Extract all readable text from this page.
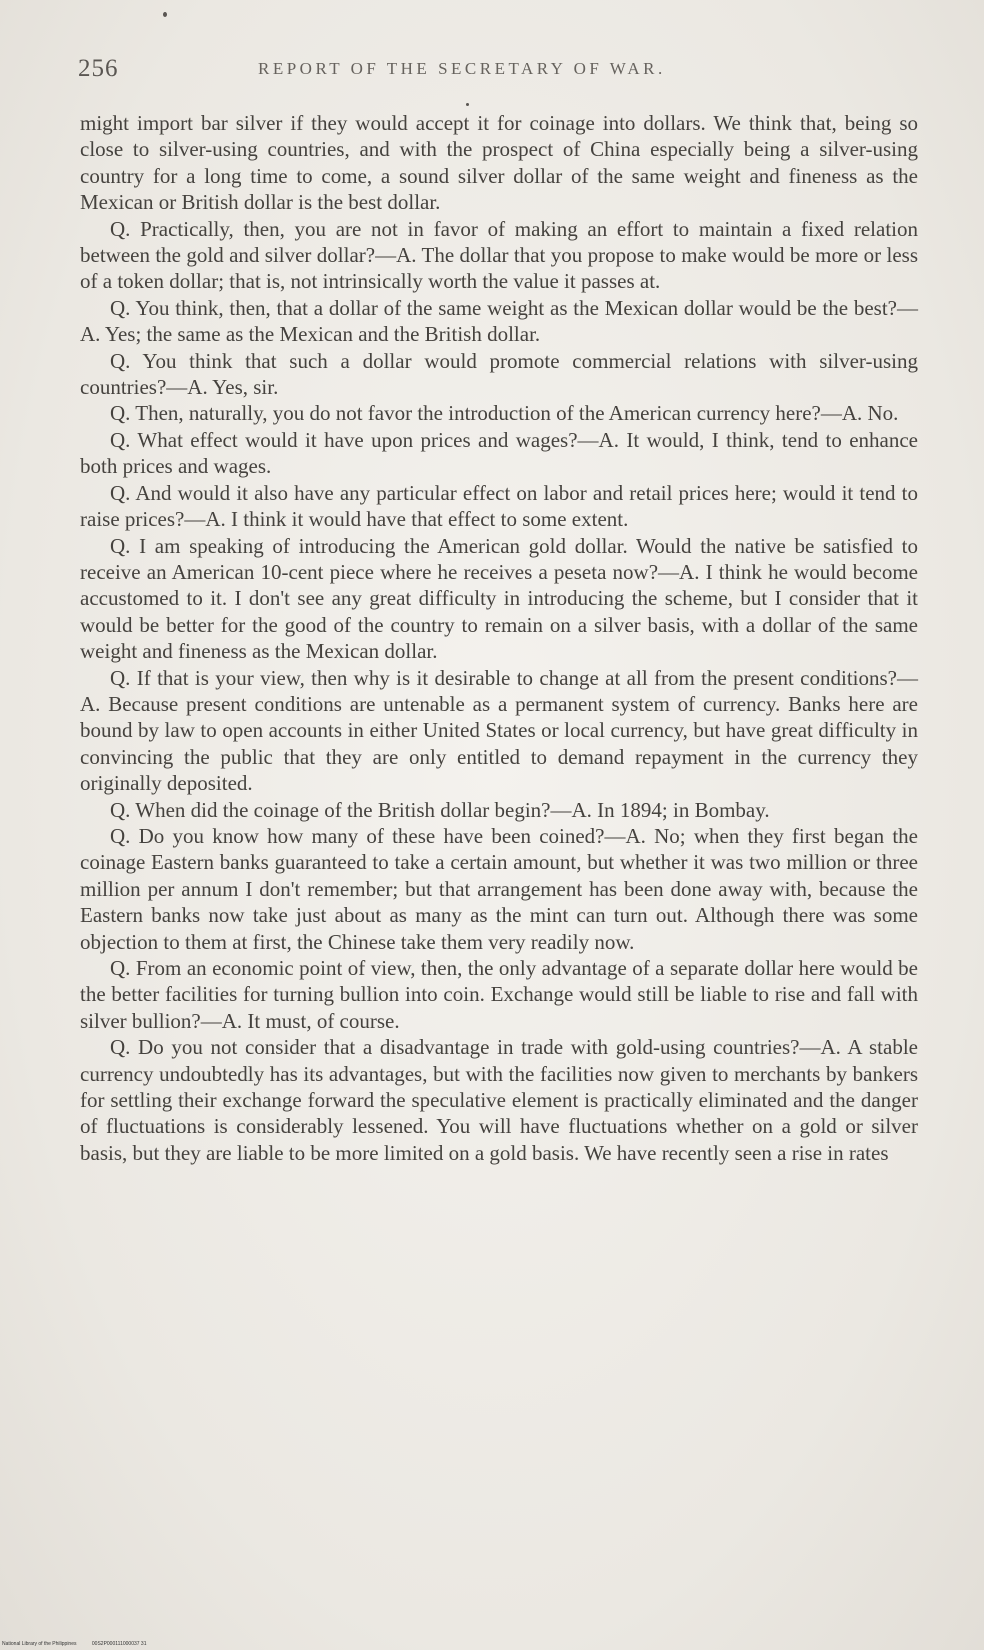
256	REPORT OF THE SECRETARY OF WAR.

might import bar silver if they would accept it for coinage into dollars. We think that, being so close to silver-using countries, and with the prospect of China especially being a silver-using country for a long time to come, a sound silver dollar of the same weight and fineness as the Mexican or British dollar is the best dollar.

Q. Practically, then, you are not in favor of making an effort to maintain a fixed relation between the gold and silver dollar?—A. The dollar that you propose to make would be more or less of a token dollar; that is, not intrinsically worth the value it passes at.

Q. You think, then, that a dollar of the same weight as the Mexican dollar would be the best?—A. Yes; the same as the Mexican and the British dollar.

Q. You think that such a dollar would promote commercial relations with silver-using countries?—A. Yes, sir.

Q. Then, naturally, you do not favor the introduction of the American currency here?—A. No.

Q. What effect would it have upon prices and wages?—A. It would, I think, tend to enhance both prices and wages.

Q. And would it also have any particular effect on labor and retail prices here; would it tend to raise prices?—A. I think it would have that effect to some extent.

Q. I am speaking of introducing the American gold dollar. Would the native be satisfied to receive an American 10-cent piece where he receives a peseta now?—A. I think he would become accustomed to it. I don't see any great difficulty in introducing the scheme, but I consider that it would be better for the good of the country to remain on a silver basis, with a dollar of the same weight and fineness as the Mexican dollar.

Q. If that is your view, then why is it desirable to change at all from the present conditions?—A. Because present conditions are untenable as a permanent system of currency. Banks here are bound by law to open accounts in either United States or local currency, but have great difficulty in convincing the public that they are only entitled to demand repayment in the currency they originally deposited.

Q. When did the coinage of the British dollar begin?—A. In 1894; in Bombay.

Q. Do you know how many of these have been coined?—A. No; when they first began the coinage Eastern banks guaranteed to take a certain amount, but whether it was two million or three million per annum I don't remember; but that arrangement has been done away with, because the Eastern banks now take just about as many as the mint can turn out. Although there was some objection to them at first, the Chinese take them very readily now.

Q. From an economic point of view, then, the only advantage of a separate dollar here would be the better facilities for turning bullion into coin. Exchange would still be liable to rise and fall with silver bullion?—A. It must, of course.

Q. Do you not consider that a disadvantage in trade with gold-using countries?—A. A stable currency undoubtedly has its advantages, but with the facilities now given to merchants by bankers for settling their exchange forward the speculative element is practically eliminated and the danger of fluctuations is considerably lessened. You will have fluctuations whether on a gold or silver basis, but they are liable to be more limited on a gold basis. We have recently seen a rise in rates

National Library of the Philippines	00S2P000111000037 31
